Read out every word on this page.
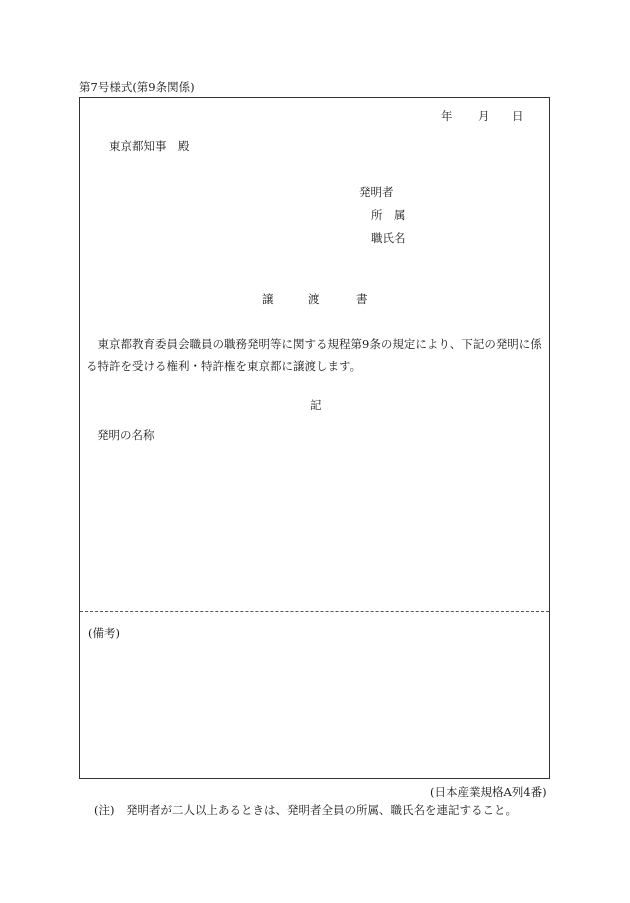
第7号様式(第9条関係)
年 月 日
東京都知事　殿
発明者
所　属
職氏名
譲	渡	書
東京都教育委員会職員の職務発明等に関する規程第9条の規定により、下記の発明に係る特許を受ける権利・特許権を東京都に譲渡します。
記
発明の名称
(備考)
(日本産業規格A列4番)
(注) 発明者が二人以上あるときは、発明者全員の所属、職氏名を連記すること。
